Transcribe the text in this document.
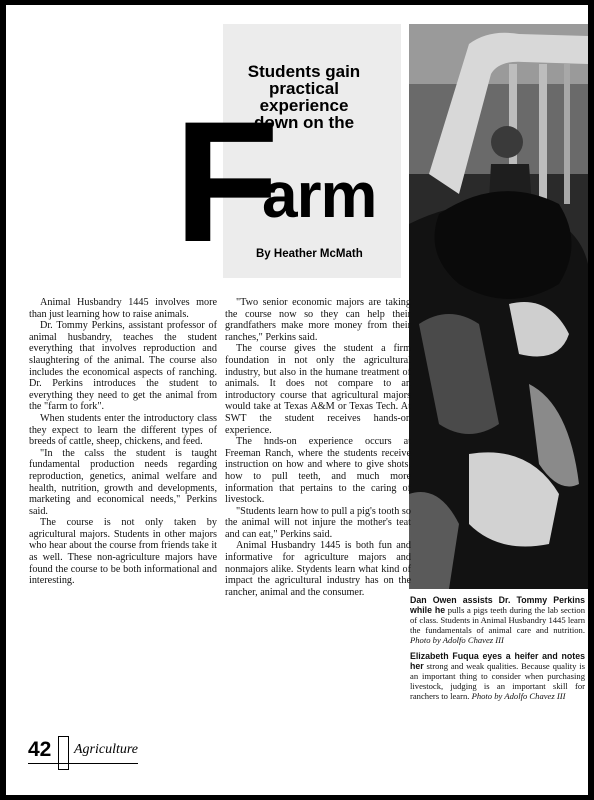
Students gain
practical
experience
down on the
F
arm
By Heather McMath

Animal Husbandry 1445 involves more than just learning how to raise animals.

Dr. Tommy Perkins, assistant professor of animal husbandry, teaches the student everything that involves reproduction and slaughtering of the animal. The course also includes the economical aspects of ranching. Dr. Perkins introduces the student to everything they need to get the animal from the "farm to fork".

When students enter the introductory class they expect to learn the different types of breeds of cattle, sheep, chickens, and feed.

"In the calss the student is taught fundamental production needs regarding reproduction, genetics, animal welfare and health, nutrition, growth and developments, marketing and economical needs," Perkins said.

The course is not only taken by agricultural majors. Students in other majors who hear about the course from friends take it as well. These non-agriculture majors have found the course to be both informational and interesting.

"Two senior economic majors are taking the course now so they can help their grandfathers make more money from their ranches," Perkins said.

The course gives the student a firm foundation in not only the agricultural industry, but also in the humane treatment of animals. It does not compare to an introductory course that agricultural majors would take at Texas A&M or Texas Tech. At SWT the student receives hands-on experience.

The hnds-on experience occurs at Freeman Ranch, where the students receive instruction on how and where to give shots, how to pull teeth, and much more information that pertains to the caring of livestock.

"Students learn how to pull a pig's tooth so the animal will not injure the mother's teat and can eat," Perkins said.

Animal Husbandry 1445 is both fun and informative for agriculture majors and nonmajors alike. Stydents learn what kind of impact the agricultural industry has on the rancher, animal and the consumer.

Dan Owen assists Dr. Tommy Perkins while he pulls a pigs teeth during the lab section of class. Students in Animal Husbandry 1445 learn the fundamentals of animal care and nutrition. Photo by Adolfo Chavez III

Elizabeth Fuqua eyes a heifer and notes her strong and weak qualities. Because quality is an important thing to consider when purchasing livestock, judging is an important skill for ranchers to learn. Photo by Adolfo Chavez III

42 Agriculture
